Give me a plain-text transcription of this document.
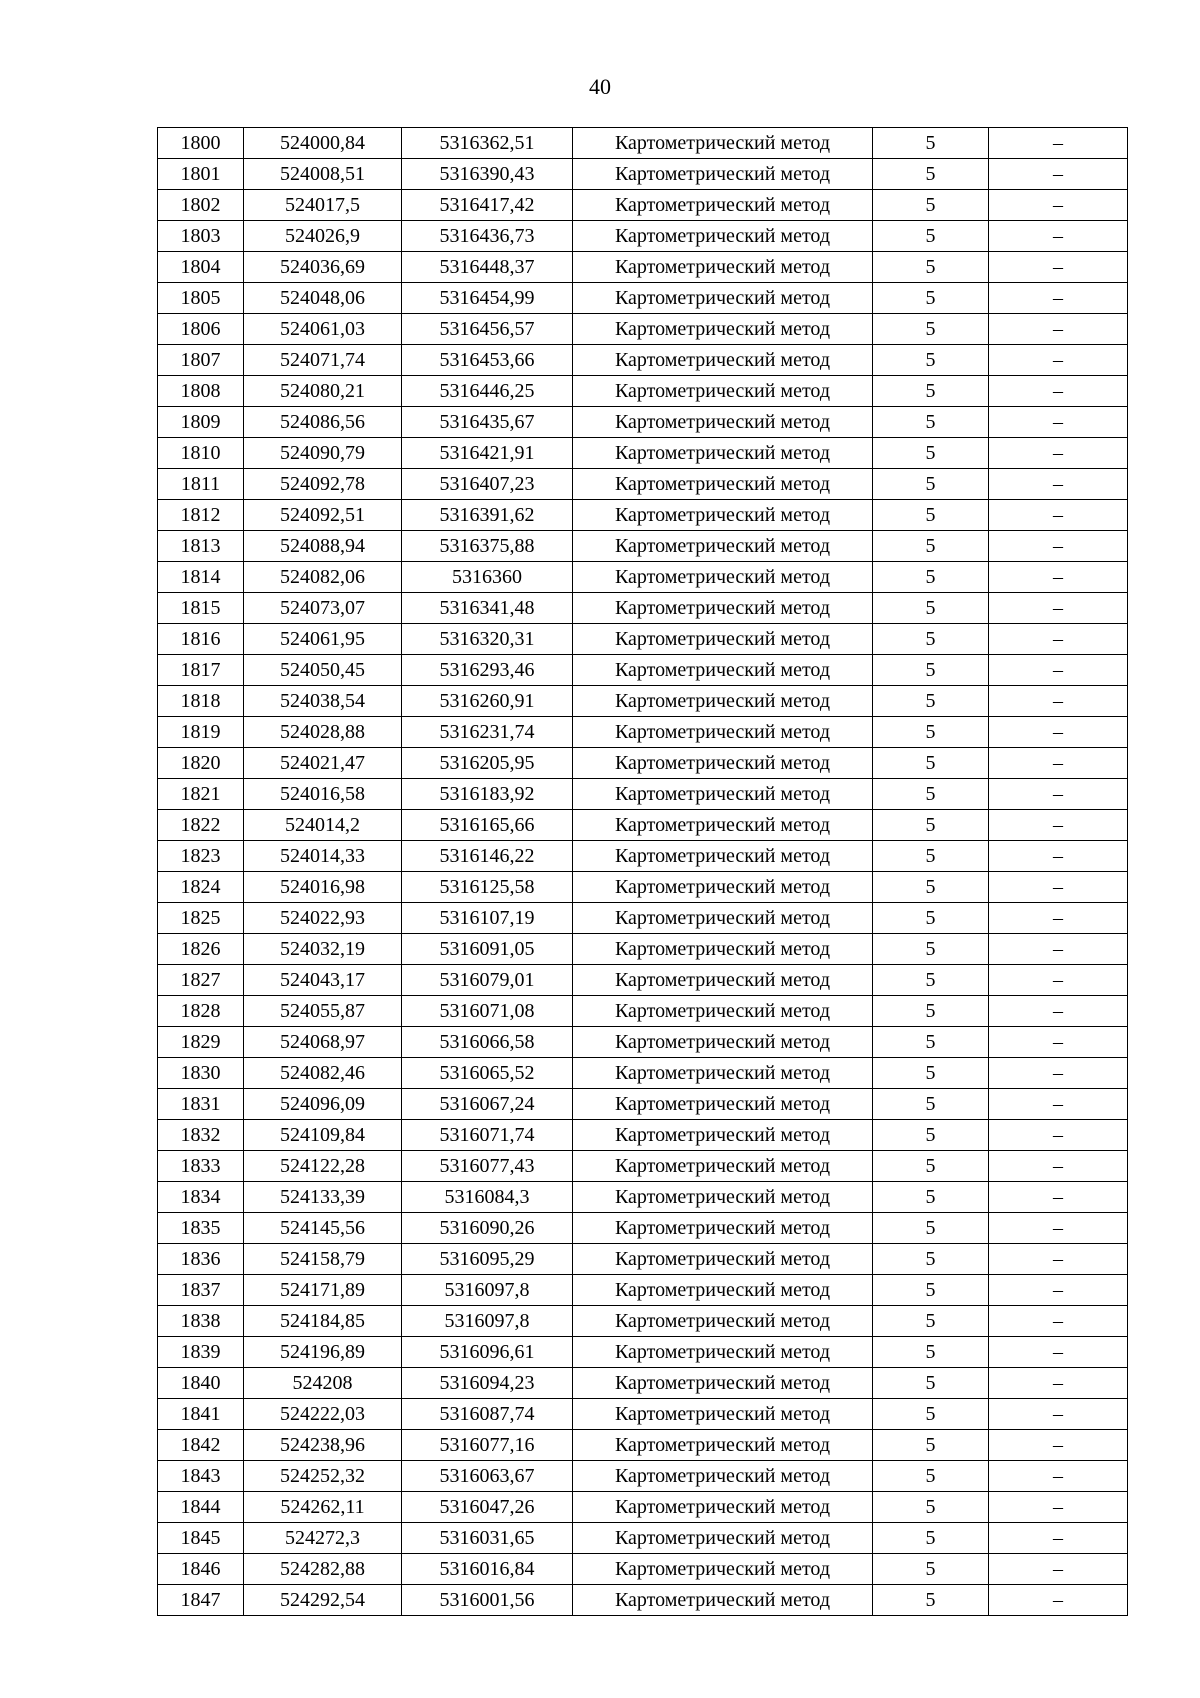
40
1800	524000,84	5316362,51	Картометрический метод	5	–
1801	524008,51	5316390,43	Картометрический метод	5	–
1802	524017,5	5316417,42	Картометрический метод	5	–
1803	524026,9	5316436,73	Картометрический метод	5	–
1804	524036,69	5316448,37	Картометрический метод	5	–
1805	524048,06	5316454,99	Картометрический метод	5	–
1806	524061,03	5316456,57	Картометрический метод	5	–
1807	524071,74	5316453,66	Картометрический метод	5	–
1808	524080,21	5316446,25	Картометрический метод	5	–
1809	524086,56	5316435,67	Картометрический метод	5	–
1810	524090,79	5316421,91	Картометрический метод	5	–
1811	524092,78	5316407,23	Картометрический метод	5	–
1812	524092,51	5316391,62	Картометрический метод	5	–
1813	524088,94	5316375,88	Картометрический метод	5	–
1814	524082,06	5316360	Картометрический метод	5	–
1815	524073,07	5316341,48	Картометрический метод	5	–
1816	524061,95	5316320,31	Картометрический метод	5	–
1817	524050,45	5316293,46	Картометрический метод	5	–
1818	524038,54	5316260,91	Картометрический метод	5	–
1819	524028,88	5316231,74	Картометрический метод	5	–
1820	524021,47	5316205,95	Картометрический метод	5	–
1821	524016,58	5316183,92	Картометрический метод	5	–
1822	524014,2	5316165,66	Картометрический метод	5	–
1823	524014,33	5316146,22	Картометрический метод	5	–
1824	524016,98	5316125,58	Картометрический метод	5	–
1825	524022,93	5316107,19	Картометрический метод	5	–
1826	524032,19	5316091,05	Картометрический метод	5	–
1827	524043,17	5316079,01	Картометрический метод	5	–
1828	524055,87	5316071,08	Картометрический метод	5	–
1829	524068,97	5316066,58	Картометрический метод	5	–
1830	524082,46	5316065,52	Картометрический метод	5	–
1831	524096,09	5316067,24	Картометрический метод	5	–
1832	524109,84	5316071,74	Картометрический метод	5	–
1833	524122,28	5316077,43	Картометрический метод	5	–
1834	524133,39	5316084,3	Картометрический метод	5	–
1835	524145,56	5316090,26	Картометрический метод	5	–
1836	524158,79	5316095,29	Картометрический метод	5	–
1837	524171,89	5316097,8	Картометрический метод	5	–
1838	524184,85	5316097,8	Картометрический метод	5	–
1839	524196,89	5316096,61	Картометрический метод	5	–
1840	524208	5316094,23	Картометрический метод	5	–
1841	524222,03	5316087,74	Картометрический метод	5	–
1842	524238,96	5316077,16	Картометрический метод	5	–
1843	524252,32	5316063,67	Картометрический метод	5	–
1844	524262,11	5316047,26	Картометрический метод	5	–
1845	524272,3	5316031,65	Картометрический метод	5	–
1846	524282,88	5316016,84	Картометрический метод	5	–
1847	524292,54	5316001,56	Картометрический метод	5	–
